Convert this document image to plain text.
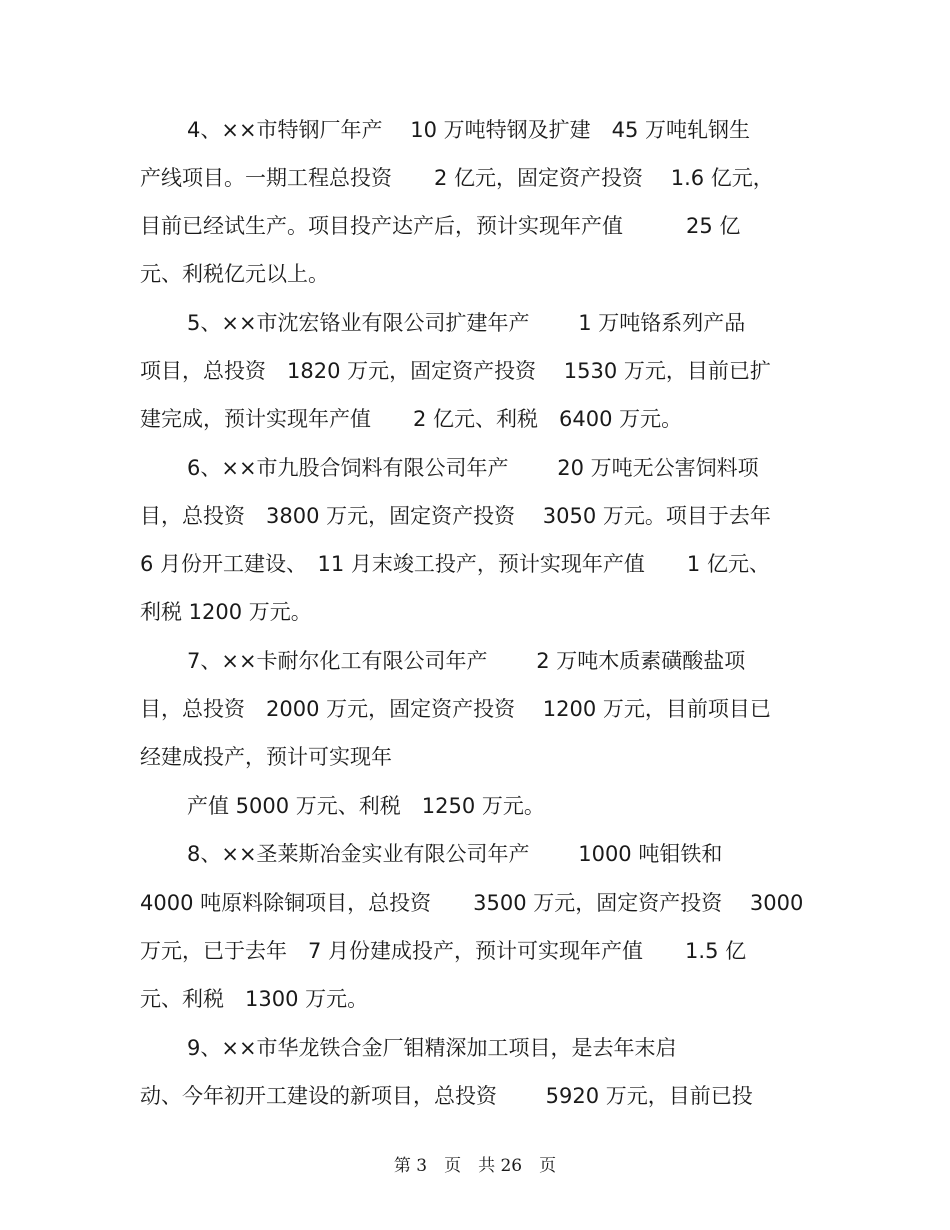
4、××市特钢厂年产　 10 万吨特钢及扩建　45 万吨轧钢生
产线项目。一期工程总投资　　2 亿元，固定资产投资　 1.6 亿元，
目前已经试生产。项目投产达产后，预计实现年产值　　　25 亿
元、利税亿元以上。
5、××市沈宏铬业有限公司扩建年产　　 1 万吨铬系列产品
项目，总投资　1820 万元，固定资产投资　 1530 万元，目前已扩
建完成，预计实现年产值　　2 亿元、利税　6400 万元。
6、××市九股合饲料有限公司年产　　 20 万吨无公害饲料项
目，总投资　3800 万元，固定资产投资　 3050 万元。项目于去年
6 月份开工建设、　11 月末竣工投产，预计实现年产值　　1 亿元、
利税 1200 万元。
7、××卡耐尔化工有限公司年产　　 2 万吨木质素磺酸盐项
目，总投资　2000 万元，固定资产投资　 1200 万元，目前项目已
经建成投产，预计可实现年
产值 5000 万元、利税　1250 万元。
8、××圣莱斯冶金实业有限公司年产　　 1000 吨钼铁和
4000 吨原料除铜项目，总投资　　3500 万元，固定资产投资　 3000
万元，已于去年　7 月份建成投产，预计可实现年产值　　1.5 亿
元、利税　1300 万元。
9、××市华龙铁合金厂钼精深加工项目，是去年末启
动、今年初开工建设的新项目，总投资　　 5920 万元，目前已投
第 3　页　共 26　页
